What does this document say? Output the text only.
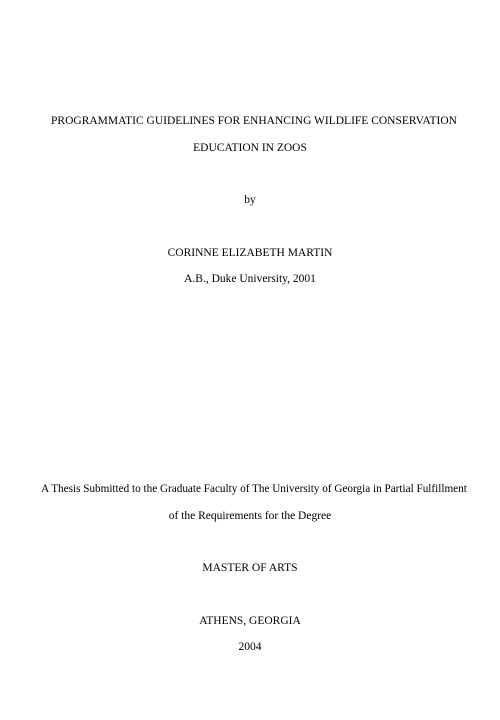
PROGRAMMATIC GUIDELINES FOR ENHANCING WILDLIFE CONSERVATION
EDUCATION IN ZOOS
by
CORINNE ELIZABETH MARTIN
A.B., Duke University, 2001
A Thesis Submitted to the Graduate Faculty of The University of Georgia in Partial Fulfillment
of the Requirements for the Degree
MASTER OF ARTS
ATHENS, GEORGIA
2004
